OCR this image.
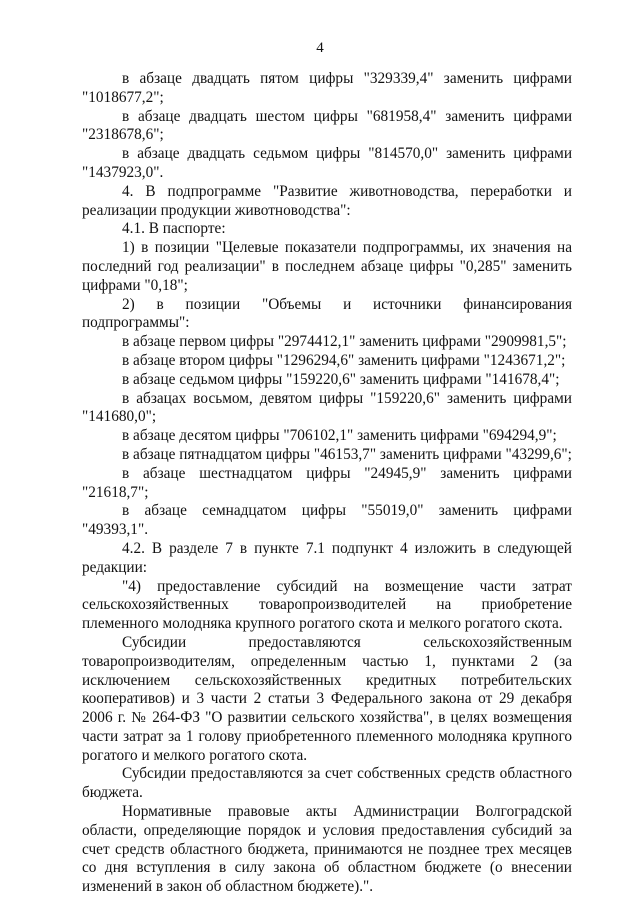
4

в абзаце двадцать пятом цифры "329339,4" заменить цифрами "1018677,2";

в абзаце двадцать шестом цифры "681958,4" заменить цифрами "2318678,6";

в абзаце двадцать седьмом цифры "814570,0" заменить цифрами "1437923,0".

4. В подпрограмме "Развитие животноводства, переработки и реализации продукции животноводства":

4.1. В паспорте:

1) в позиции "Целевые показатели подпрограммы, их значения на последний год реализации" в последнем абзаце цифры "0,285" заменить цифрами "0,18";

2) в позиции "Объемы и источники финансирования подпрограммы":

в абзаце первом цифры "2974412,1" заменить цифрами "2909981,5";

в абзаце втором цифры "1296294,6" заменить цифрами "1243671,2";

в абзаце седьмом цифры "159220,6" заменить цифрами "141678,4";

в абзацах восьмом, девятом цифры "159220,6" заменить цифрами "141680,0";

в абзаце десятом цифры "706102,1" заменить цифрами "694294,9";

в абзаце пятнадцатом цифры "46153,7" заменить цифрами "43299,6";

в абзаце шестнадцатом цифры "24945,9" заменить цифрами "21618,7";

в абзаце семнадцатом цифры "55019,0" заменить цифрами "49393,1".

4.2. В разделе 7 в пункте 7.1 подпункт 4 изложить в следующей редакции:

"4) предоставление субсидий на возмещение части затрат сельскохозяйственных товаропроизводителей на приобретение племенного молодняка крупного рогатого скота и мелкого рогатого скота.

Субсидии предоставляются сельскохозяйственным товаропроизводителям, определенным частью 1, пунктами 2 (за исключением сельскохозяйственных кредитных потребительских кооперативов) и 3 части 2 статьи 3 Федерального закона от 29 декабря 2006 г. № 264-ФЗ "О развитии сельского хозяйства", в целях возмещения части затрат за 1 голову приобретенного племенного молодняка крупного рогатого и мелкого рогатого скота.

Субсидии предоставляются за счет собственных средств областного бюджета.

Нормативные правовые акты Администрации Волгоградской области, определяющие порядок и условия предоставления субсидий за счет средств областного бюджета, принимаются не позднее трех месяцев со дня вступления в силу закона об областном бюджете (о внесении изменений в закон об областном бюджете).".
